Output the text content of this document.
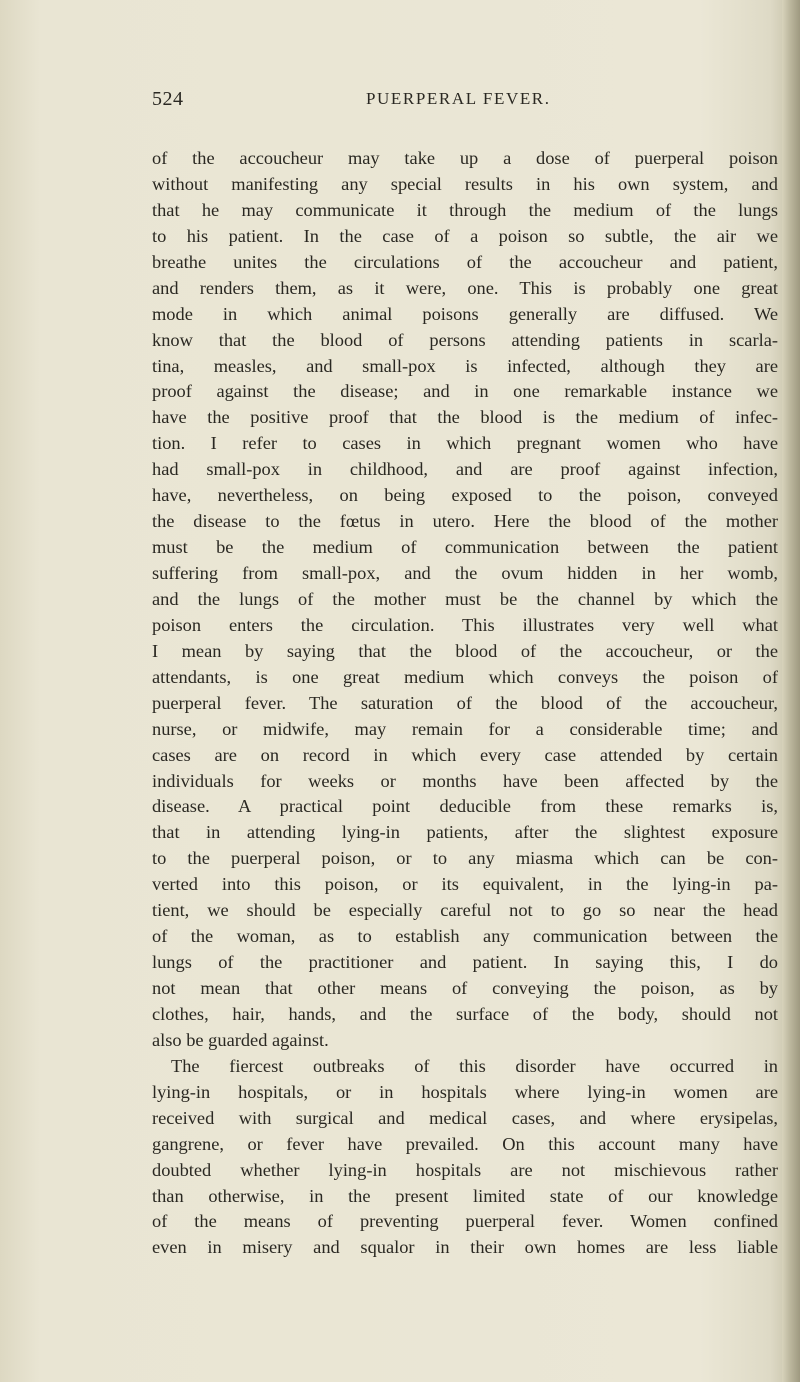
524	PUERPERAL FEVER.
of the accoucheur may take up a dose of puerperal poison
without manifesting any special results in his own system, and
that he may communicate it through the medium of the lungs
to his patient. In the case of a poison so subtle, the air we
breathe unites the circulations of the accoucheur and patient,
and renders them, as it were, one. This is probably one great
mode in which animal poisons generally are diffused. We
know that the blood of persons attending patients in scarla-
tina, measles, and small-pox is infected, although they are
proof against the disease; and in one remarkable instance we
have the positive proof that the blood is the medium of infec-
tion. I refer to cases in which pregnant women who have
had small-pox in childhood, and are proof against infection,
have, nevertheless, on being exposed to the poison, conveyed
the disease to the fœtus in utero. Here the blood of the mother
must be the medium of communication between the patient
suffering from small-pox, and the ovum hidden in her womb,
and the lungs of the mother must be the channel by which the
poison enters the circulation. This illustrates very well what
I mean by saying that the blood of the accoucheur, or the
attendants, is one great medium which conveys the poison of
puerperal fever. The saturation of the blood of the accoucheur,
nurse, or midwife, may remain for a considerable time; and
cases are on record in which every case attended by certain
individuals for weeks or months have been affected by the
disease. A practical point deducible from these remarks is,
that in attending lying-in patients, after the slightest exposure
to the puerperal poison, or to any miasma which can be con-
verted into this poison, or its equivalent, in the lying-in pa-
tient, we should be especially careful not to go so near the head
of the woman, as to establish any communication between the
lungs of the practitioner and patient. In saying this, I do
not mean that other means of conveying the poison, as by
clothes, hair, hands, and the surface of the body, should not
also be guarded against.
The fiercest outbreaks of this disorder have occurred in
lying-in hospitals, or in hospitals where lying-in women are
received with surgical and medical cases, and where erysipelas,
gangrene, or fever have prevailed. On this account many have
doubted whether lying-in hospitals are not mischievous rather
than otherwise, in the present limited state of our knowledge
of the means of preventing puerperal fever. Women confined
even in misery and squalor in their own homes are less liable
